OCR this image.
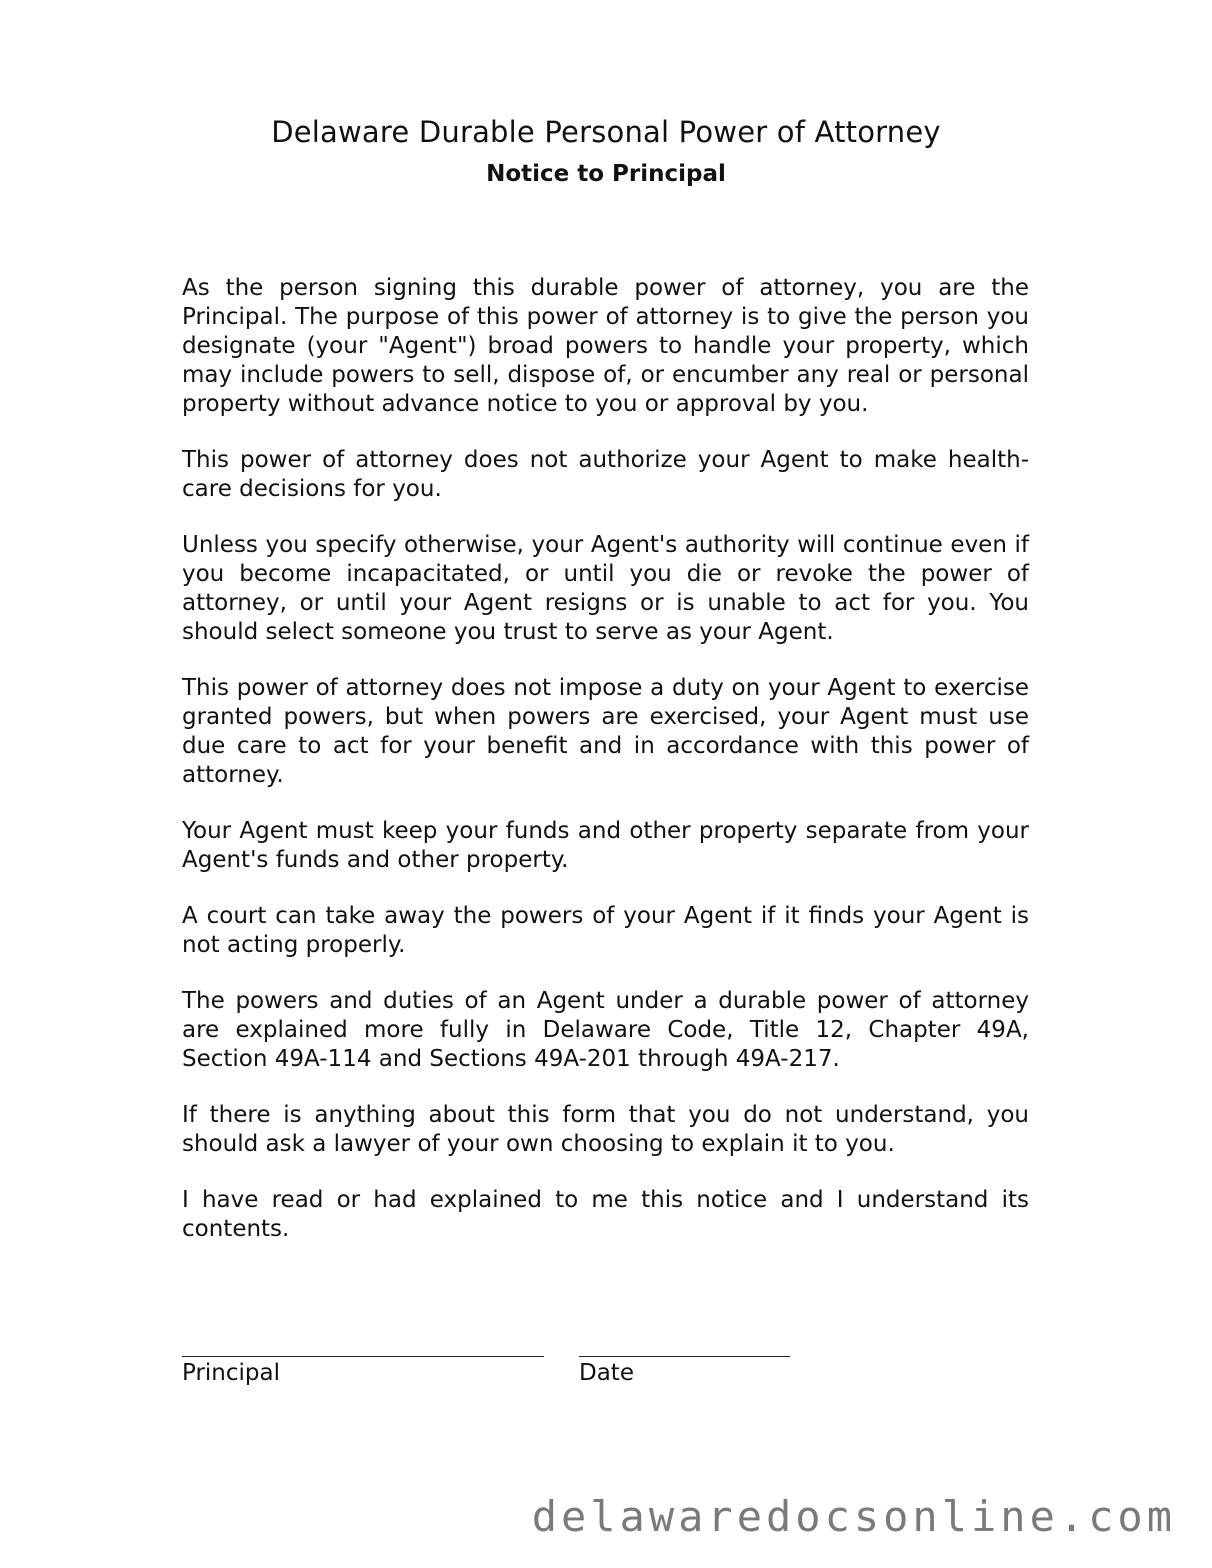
Delaware Durable Personal Power of Attorney
Notice to Principal

As the person signing this durable power of attorney, you are the Principal. The purpose of this power of attorney is to give the person you designate (your "Agent") broad powers to handle your property, which may include powers to sell, dispose of, or encumber any real or personal property without advance notice to you or approval by you.

This power of attorney does not authorize your Agent to make health-care decisions for you.

Unless you specify otherwise, your Agent's authority will continue even if you become incapacitated, or until you die or revoke the power of attorney, or until your Agent resigns or is unable to act for you. You should select someone you trust to serve as your Agent.

This power of attorney does not impose a duty on your Agent to exercise granted powers, but when powers are exercised, your Agent must use due care to act for your benefit and in accordance with this power of attorney.

Your Agent must keep your funds and other property separate from your Agent's funds and other property.

A court can take away the powers of your Agent if it finds your Agent is not acting properly.

The powers and duties of an Agent under a durable power of attorney are explained more fully in Delaware Code, Title 12, Chapter 49A, Section 49A-114 and Sections 49A-201 through 49A-217.

If there is anything about this form that you do not understand, you should ask a lawyer of your own choosing to explain it to you.

I have read or had explained to me this notice and I understand its contents.

Principal	Date
delawaredocsonline.com
